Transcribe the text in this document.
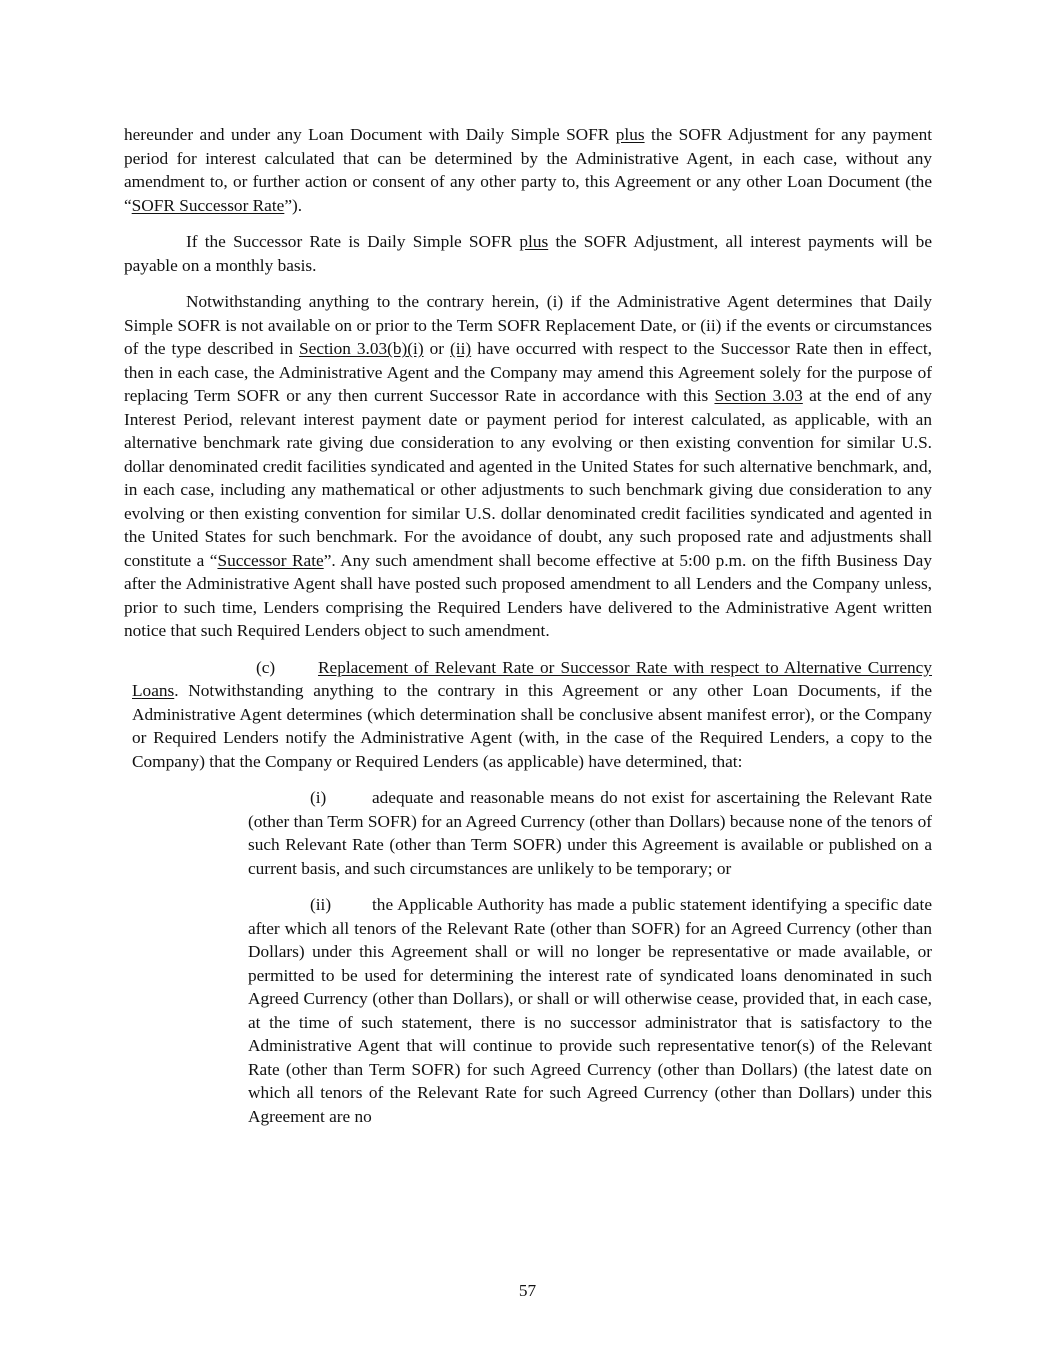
hereunder and under any Loan Document with Daily Simple SOFR plus the SOFR Adjustment for any payment period for interest calculated that can be determined by the Administrative Agent, in each case, without any amendment to, or further action or consent of any other party to, this Agreement or any other Loan Document (the “SOFR Successor Rate”).

If the Successor Rate is Daily Simple SOFR plus the SOFR Adjustment, all interest payments will be payable on a monthly basis.

Notwithstanding anything to the contrary herein, (i) if the Administrative Agent determines that Daily Simple SOFR is not available on or prior to the Term SOFR Replacement Date, or (ii) if the events or circumstances of the type described in Section 3.03(b)(i) or (ii) have occurred with respect to the Successor Rate then in effect, then in each case, the Administrative Agent and the Company may amend this Agreement solely for the purpose of replacing Term SOFR or any then current Successor Rate in accordance with this Section 3.03 at the end of any Interest Period, relevant interest payment date or payment period for interest calculated, as applicable, with an alternative benchmark rate giving due consideration to any evolving or then existing convention for similar U.S. dollar denominated credit facilities syndicated and agented in the United States for such alternative benchmark, and, in each case, including any mathematical or other adjustments to such benchmark giving due consideration to any evolving or then existing convention for similar U.S. dollar denominated credit facilities syndicated and agented in the United States for such benchmark. For the avoidance of doubt, any such proposed rate and adjustments shall constitute a “Successor Rate”. Any such amendment shall become effective at 5:00 p.m. on the fifth Business Day after the Administrative Agent shall have posted such proposed amendment to all Lenders and the Company unless, prior to such time, Lenders comprising the Required Lenders have delivered to the Administrative Agent written notice that such Required Lenders object to such amendment.

(c) Replacement of Relevant Rate or Successor Rate with respect to Alternative Currency Loans. Notwithstanding anything to the contrary in this Agreement or any other Loan Documents, if the Administrative Agent determines (which determination shall be conclusive absent manifest error), or the Company or Required Lenders notify the Administrative Agent (with, in the case of the Required Lenders, a copy to the Company) that the Company or Required Lenders (as applicable) have determined, that:

(i)	adequate and reasonable means do not exist for ascertaining the Relevant Rate (other than Term SOFR) for an Agreed Currency (other than Dollars) because none of the tenors of such Relevant Rate (other than Term SOFR) under this Agreement is available or published on a current basis, and such circumstances are unlikely to be temporary; or

(ii) the Applicable Authority has made a public statement identifying a specific date after which all tenors of the Relevant Rate (other than SOFR) for an Agreed Currency (other than Dollars) under this Agreement shall or will no longer be representative or made available, or permitted to be used for determining the interest rate of syndicated loans denominated in such Agreed Currency (other than Dollars), or shall or will otherwise cease, provided that, in each case, at the time of such statement, there is no successor administrator that is satisfactory to the Administrative Agent that will continue to provide such representative tenor(s) of the Relevant Rate (other than Term SOFR) for such Agreed Currency (other than Dollars) (the latest date on which all tenors of the Relevant Rate for such Agreed Currency (other than Dollars) under this Agreement are no

57
